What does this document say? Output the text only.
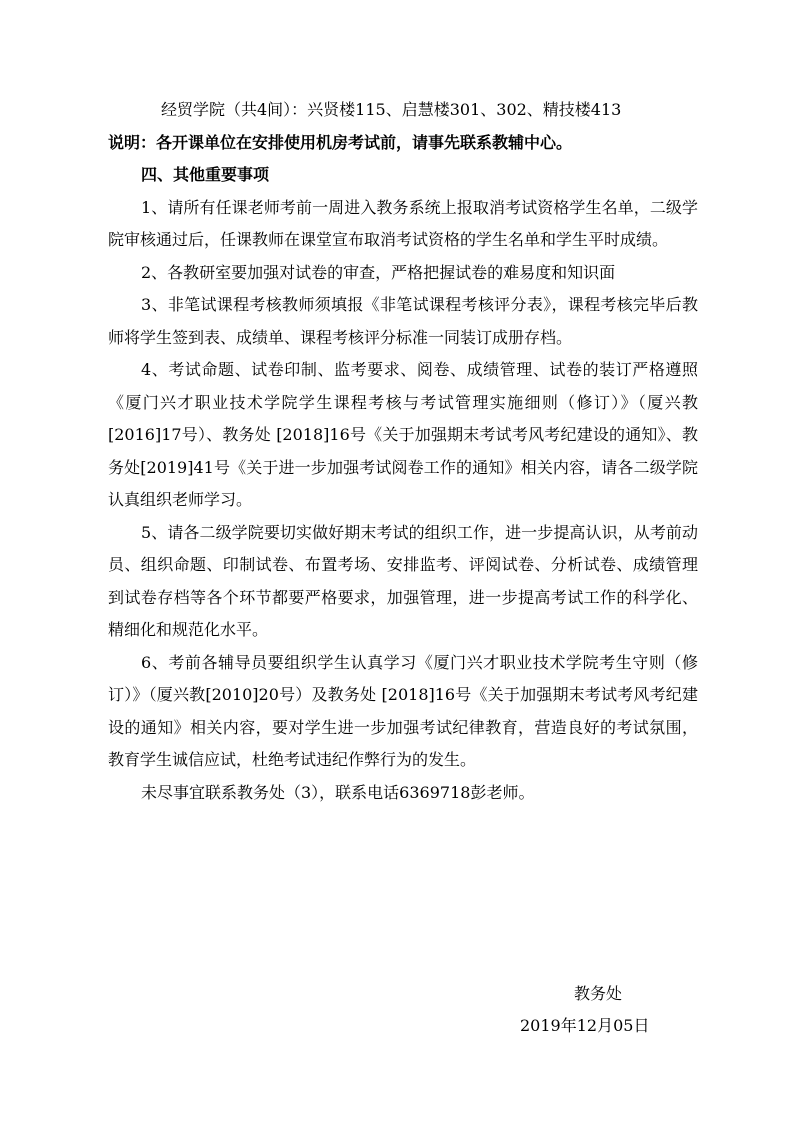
经贸学院（共4间）：兴贤楼115、启慧楼301、302、精技楼413
说明：各开课单位在安排使用机房考试前，请事先联系教辅中心。
四、其他重要事项

1、请所有任课老师考前一周进入教务系统上报取消考试资格学生名单，二级学院审核通过后，任课教师在课堂宣布取消考试资格的学生名单和学生平时成绩。

2、各教研室要加强对试卷的审查，严格把握试卷的难易度和知识面

3、非笔试课程考核教师须填报《非笔试课程考核评分表》，课程考核完毕后教师将学生签到表、成绩单、课程考核评分标准一同装订成册存档。

4、考试命题、试卷印制、监考要求、阅卷、成绩管理、试卷的装订严格遵照《厦门兴才职业技术学院学生课程考核与考试管理实施细则（修订）》（厦兴教[2016]17号）、教务处 [2018]16号《关于加强期末考试考风考纪建设的通知》、教务处[2019]41号《关于进一步加强考试阅卷工作的通知》相关内容，请各二级学院认真组织老师学习。

5、请各二级学院要切实做好期末考试的组织工作，进一步提高认识，从考前动员、组织命题、印制试卷、布置考场、安排监考、评阅试卷、分析试卷、成绩管理到试卷存档等各个环节都要严格要求，加强管理，进一步提高考试工作的科学化、精细化和规范化水平。

6、考前各辅导员要组织学生认真学习《厦门兴才职业技术学院考生守则（修订）》（厦兴教[2010]20号）及教务处 [2018]16号《关于加强期末考试考风考纪建设的通知》相关内容，要对学生进一步加强考试纪律教育，营造良好的考试氛围，教育学生诚信应试，杜绝考试违纪作弊行为的发生。

未尽事宜联系教务处（3），联系电话6369718彭老师。
教务处
2019年12月05日
